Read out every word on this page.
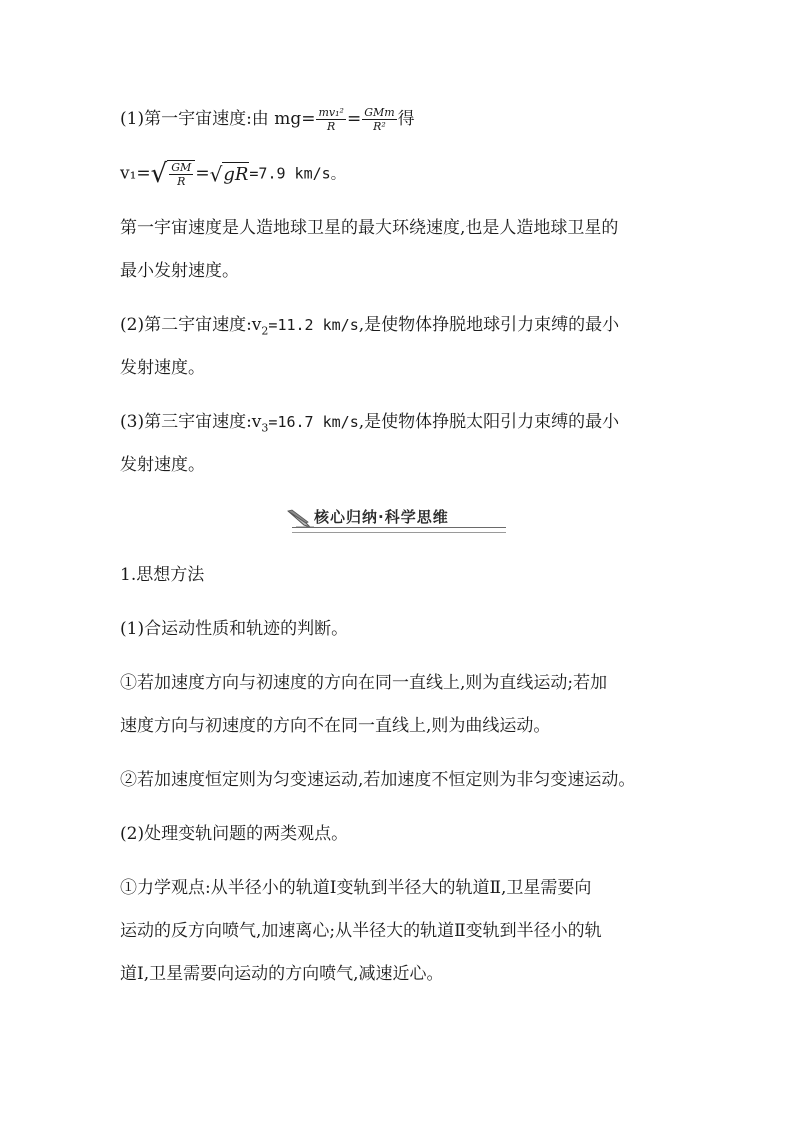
(1)第一宇宙速度:由 $mg= \frac{\text{mv₁²}}{R} = \frac{\text{GMm}}{\text{R²}}$ 得
$v_1=√ \frac{GM}{R} =√gR=7.9$ km/s。
第一宇宙速度是人造地球卫星的最大环绕速度,也是人造地球卫星的
最小发射速度。
(2)第二宇宙速度$:v_2=11.2$ km/s,是使物体挣脱地球引力束缚的最小
发射速度。
(3)第三宇宙速度$:v_3=16.7$ km/s,是使物体挣脱太阳引力束缚的最小
发射速度。
核心归纳·科学思维
1.思想方法
(1)合运动性质和轨迹的判断。
①若加速度方向与初速度的方向在同一直线上,则为直线运动;若加
速度方向与初速度的方向不在同一直线上,则为曲线运动。
②若加速度恒定则为匀变速运动,若加速度不恒定则为非匀变速运动。
(2)处理变轨问题的两类观点。
①力学观点:从半径小的轨道Ⅰ变轨到半径大的轨道Ⅱ,卫星需要向
运动的反方向喷气,加速离心;从半径大的轨道Ⅱ变轨到半径小的轨
道Ⅰ,卫星需要向运动的方向喷气,减速近心。
